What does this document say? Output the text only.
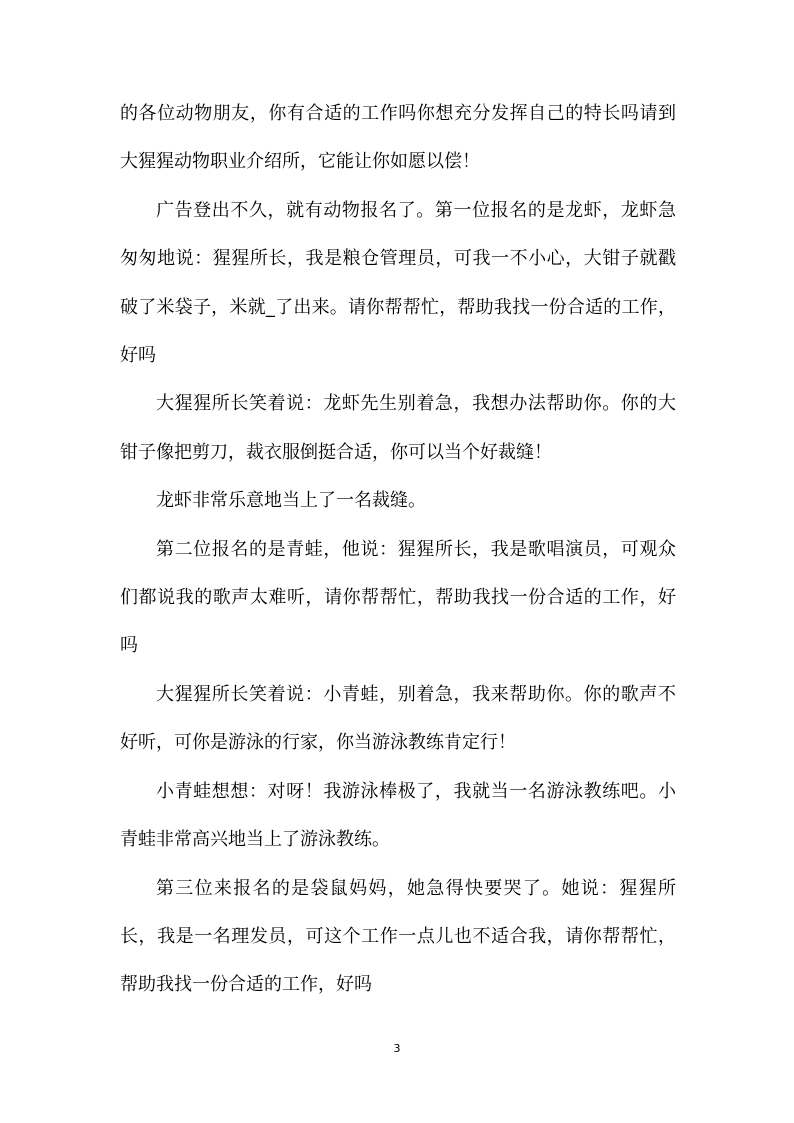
的各位动物朋友，你有合适的工作吗你想充分发挥自己的特长吗请到大猩猩动物职业介绍所，它能让你如愿以偿！

广告登出不久，就有动物报名了。第一位报名的是龙虾，龙虾急匆匆地说：猩猩所长，我是粮仓管理员，可我一不小心，大钳子就戳破了米袋子，米就_了出来。请你帮帮忙，帮助我找一份合适的工作，好吗

大猩猩所长笑着说：龙虾先生别着急，我想办法帮助你。你的大钳子像把剪刀，裁衣服倒挺合适，你可以当个好裁缝！

龙虾非常乐意地当上了一名裁缝。

第二位报名的是青蛙，他说：猩猩所长，我是歌唱演员，可观众们都说我的歌声太难听，请你帮帮忙，帮助我找一份合适的工作，好吗

大猩猩所长笑着说：小青蛙，别着急，我来帮助你。你的歌声不好听，可你是游泳的行家，你当游泳教练肯定行！

小青蛙想想：对呀！我游泳棒极了，我就当一名游泳教练吧。小青蛙非常高兴地当上了游泳教练。

第三位来报名的是袋鼠妈妈，她急得快要哭了。她说：猩猩所长，我是一名理发员，可这个工作一点儿也不适合我，请你帮帮忙，帮助我找一份合适的工作，好吗

3
